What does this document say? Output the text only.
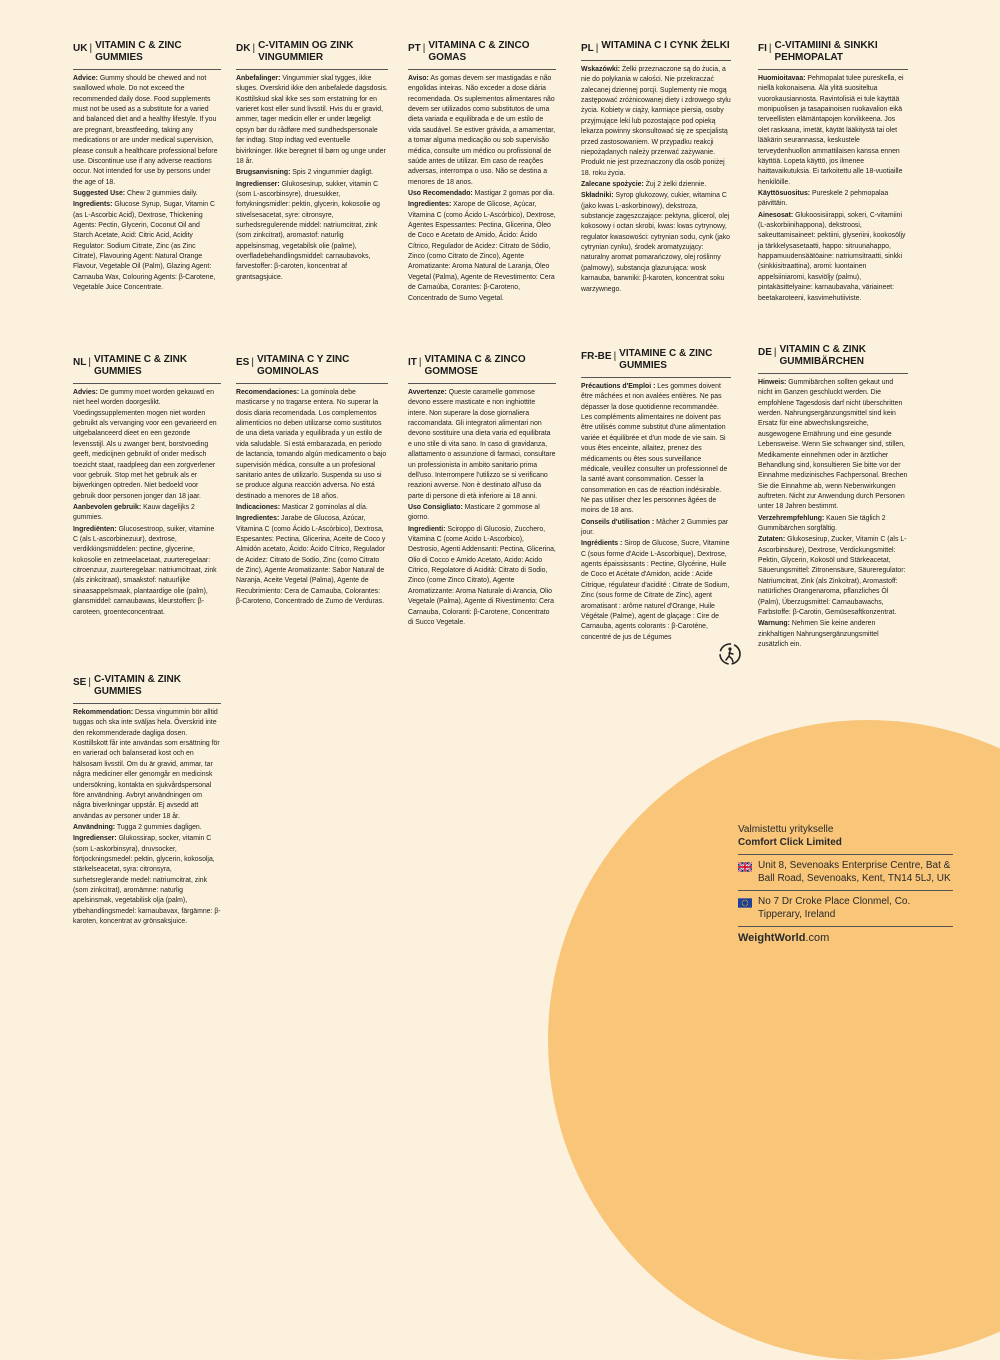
UK | VITAMIN C & ZINC GUMMIES

Advice: Gummy should be chewed and not swallowed whole. Do not exceed the recommended daily dose. Food supplements must not be used as a substitute for a varied and balanced diet and a healthy lifestyle. If you are pregnant, breastfeeding, taking any medications or are under medical supervision, please consult a healthcare professional before use. Discontinue use if any adverse reactions occur. Not intended for use by persons under the age of 18.

Suggested Use: Chew 2 gummies daily.

Ingredients: Glucose Syrup, Sugar, Vitamin C (as L-Ascorbic Acid), Dextrose, Thickening Agents: Pectin, Glycerin, Coconut Oil and Starch Acetate, Acid: Citric Acid, Acidity Regulator: Sodium Citrate, Zinc (as Zinc Citrate), Flavouring Agent: Natural Orange Flavour, Vegetable Oil (Palm), Glazing Agent: Carnauba Wax, Colouring Agents: β-Carotene, Vegetable Juice Concentrate.

DK | C-VITAMIN OG ZINK VINGUMMIER

Anbefalinger: Vingummier skal tygges, ikke sluges. Overskrid ikke den anbefalede dagsdosis. Kosttilskud skal ikke ses som erstatning for en varieret kost eller sund livsstil. Hvis du er gravid, ammer, tager medicin eller er under lægeligt opsyn bør du rådføre med sundhedspersonale før indtag. Stop indtag ved eventuelle bivirkninger. Ikke beregnet til børn og unge under 18 år.

Brugsanvisning: Spis 2 vingummier dagligt.

Ingredienser: Glukosesirup, sukker, vitamin C (som L-ascorbinsyre), druesukker, fortykningsmidler: pektin, glycerin, kokosolie og stivelsesacetat, syre: citronsyre, surhedsregulerende middel: natriumcitrat, zink (som zinkcitrat), aromastof: naturlig appelsinsmag, vegetabilsk olie (palme), overfladebehandlingsmiddel: carnaubavoks, farvestoffer: β-caroten, koncentrat af grøntsagsjuice.

PT | VITAMINA C & ZINCO GOMAS

Aviso: As gomas devem ser mastigadas e não engolidas inteiras. Não exceder a dose diária recomendada. Os suplementos alimentares não devem ser utilizados como substitutos de uma dieta variada e equilibrada e de um estilo de vida saudável. Se estiver grávida, a amamentar, a tomar alguma medicação ou sob supervisão médica, consulte um médico ou profissional de saúde antes de utilizar. Em caso de reações adversas, interrompa o uso. Não se destina a menores de 18 anos.

Uso Recomendado: Mastigar 2 gomas por dia.

Ingredientes: Xarope de Glicose, Açúcar, Vitamina C (como Ácido L-Ascórbico), Dextrose, Agentes Espessantes: Pectina, Glicerina, Óleo de Coco e Acetato de Amido, Ácido: Ácido Cítrico, Regulador de Acidez: Citrato de Sódio, Zinco (como Citrato de Zinco), Agente Aromatizante: Aroma Natural de Laranja, Óleo Vegetal (Palma), Agente de Revestimento: Cera de Carnaúba, Corantes: β-Caroteno, Concentrado de Sumo Vegetal.

PL | WITAMINA C I CYNK ŻELKI

Wskazówki: Żelki przeznaczone są do żucia, a nie do połykania w całości. Nie przekraczać zalecanej dziennej porcji. Suplementy nie mogą zastępować zróżnicowanej diety i zdrowego stylu życia. Kobiety w ciąży, karmiące piersią, osoby przyjmujące leki lub pozostające pod opieką lekarza powinny skonsultować się ze specjalistą przed zastosowaniem. W przypadku reakcji niepożądanych należy przerwać zażywanie. Produkt nie jest przeznaczony dla osób poniżej 18. roku życia.

Zalecane spożycie: Żuj 2 żelki dziennie.

Składniki: Syrop glukozowy, cukier, witamina C (jako kwas L-askorbinowy), dekstroza, substancje zagęszczające: pektyna, glicerol, olej kokosowy i octan skrobi, kwas: kwas cytrynowy, regulator kwasowości: cytrynian sodu, cynk (jako cytrynian cynku), środek aromatyzujący: naturalny aromat pomarańczowy, olej roślinny (palmowy), substancja glazurująca: wosk karnauba, barwniki: β-karoten, koncentrat soku warzywnego.

FI | C-VITAMIINI & SINKKI PEHMOPALAT

Huomioitavaa: Pehmopalat tulee pureskella, ei niellä kokonaisena. Älä ylitä suositeltua vuorokausiannosta. Ravintolisiä ei tule käyttää monipuolisen ja tasapainoisen ruokavalion eikä terveellisten elämäntapojen korvikkeena. Jos olet raskaana, imetät, käytät lääkitystä tai olet lääkärin seurannassa, keskustele terveydenhuollon ammattilaisen kanssa ennen käyttöä. Lopeta käyttö, jos ilmenee haittavaikutuksia. Ei tarkoitettu alle 18-vuotiaille henkilöille.

Käyttösuositus: Pureskele 2 pehmopalaa päivittäin.

Ainesosat: Glukoosisiirappi, sokeri, C-vitamiini (L-askorbiinihappona), dekstroosi, sakeuttamisaineet: pektiini, glyseriini, kookosöljy ja tärkkelysasetaatti, happo: sitruunahappo, happamuudensäätöaine: natriumsitraatti, sinkki (sinkkisitraattina), aromi: luontainen appelsiiniaromi, kasviöljy (palmu), pintakäsittelyaine: karnaubavaha, väriaineet: beetakaroteeni, kasvimehutiiviste.

NL | VITAMINE C & ZINK GUMMIES

Advies: De gummy moet worden gekauwd en niet heel worden doorgeslikt. Voedingssupplementen mogen niet worden gebruikt als vervanging voor een gevarieerd en uitgebalanceerd dieet en een gezonde levensstijl. Als u zwanger bent, borstvoeding geeft, medicijnen gebruikt of onder medisch toezicht staat, raadpleeg dan een zorgverlener voor gebruik. Stop met het gebruik als er bijwerkingen optreden. Niet bedoeld voor gebruik door personen jonger dan 18 jaar.

Aanbevolen gebruik: Kauw dagelijks 2 gummies.

Ingrediënten: Glucosestroop, suiker, vitamine C (als L-ascorbinezuur), dextrose, verdikkingsmiddelen: pectine, glycerine, kokosolie en zetmeelacetaat, zuurteregelaar: citroenzuur, zuurteregelaar: natriumcitraat, zink (als zinkcitraat), smaakstof: natuurlijke sinaasappelsmaak, plantaardige olie (palm), glansmiddel: carnaubawas, kleurstoffen: β-caroteen, groenteconcentraat.

ES | VITAMINA C Y ZINC GOMINOLAS

Recomendaciones: La gominola debe masticarse y no tragarse entera. No superar la dosis diaria recomendada. Los complementos alimenticios no deben utilizarse como sustitutos de una dieta variada y equilibrada y un estilo de vida saludable. Si está embarazada, en periodo de lactancia, tomando algún medicamento o bajo supervisión médica, consulte a un profesional sanitario antes de utilizarlo. Suspenda su uso si se produce alguna reacción adversa. No está destinado a menores de 18 años.

Indicaciones: Masticar 2 gominolas al día.

Ingredientes: Jarabe de Glucosa, Azúcar, Vitamina C (como Ácido L-Ascórbico), Dextrosa, Espesantes: Pectina, Glicerina, Aceite de Coco y Almidón acetato, Ácido: Ácido Cítrico, Regulador de Acidez: Citrato de Sodio, Zinc (como Citrato de Zinc), Agente Aromatizante: Sabor Natural de Naranja, Aceite Vegetal (Palma), Agente de Recubrimiento: Cera de Carnauba, Colorantes: β-Caroteno, Concentrado de Zumo de Verduras.

IT | VITAMINA C & ZINCO GOMMOSE

Avvertenze: Queste caramelle gommose devono essere masticate e non inghiottite intere. Non superare la dose giornaliera raccomandata. Gli integratori alimentari non devono sostituire una dieta varia ed equilibrata e uno stile di vita sano. In caso di gravidanza, allattamento o assunzione di farmaci, consultare un professionista in ambito sanitario prima dell'uso. Interrompere l'utilizzo se si verificano reazioni avverse. Non è destinato all'uso da parte di persone di età inferiore ai 18 anni.

Uso Consigliato: Masticare 2 gommose al giorno.

Ingredienti: Sciroppo di Glucosio, Zucchero, Vitamina C (come Acido L-Ascorbico), Destrosio, Agenti Addensanti: Pectina, Glicerina, Olio di Cocco e Amido Acetato, Acido: Acido Citrico, Regolatore di Acidità: Citrato di Sodio, Zinco (come Zinco Citrato), Agente Aromatizzante: Aroma Naturale di Arancia, Olio Vegetale (Palma), Agente di Rivestimento: Cera Carnauba, Coloranti: β-Carotene, Concentrato di Succo Vegetale.

FR-BE | VITAMINE C & ZINC GUMMIES

Précautions d'Emploi : Les gommes doivent être mâchées et non avalées entières. Ne pas dépasser la dose quotidienne recommandée. Les compléments alimentaires ne doivent pas être utilisés comme substitut d'une alimentation variée et équilibrée et d'un mode de vie sain. Si vous êtes enceinte, allaitez, prenez des médicaments ou êtes sous surveillance médicale, veuillez consulter un professionnel de la santé avant consommation. Cesser la consommation en cas de réaction indésirable. Ne pas utiliser chez les personnes âgées de moins de 18 ans.

Conseils d'utilisation : Mâcher 2 Gummies par jour.

Ingrédients : Sirop de Glucose, Sucre, Vitamine C (sous forme d'Acide L-Ascorbique), Dextrose, agents épaississants : Pectine, Glycérine, Huile de Coco et Acétate d'Amidon, acide : Acide Citrique, régulateur d'acidité : Citrate de Sodium, Zinc (sous forme de Citrate de Zinc), agent aromatisant : arôme naturel d'Orange, Huile Végétale (Palme), agent de glaçage : Cire de Carnauba, agents colorants : β-Carotène, concentré de jus de Légumes

DE | VITAMIN C & ZINK GUMMIBÄRCHEN

Hinweis: Gummibärchen sollten gekaut und nicht im Ganzen geschluckt werden. Die empfohlene Tagesdosis darf nicht überschritten werden. Nahrungsergänzungsmittel sind kein Ersatz für eine abwechslungsreiche, ausgewogene Ernährung und eine gesunde Lebensweise. Wenn Sie schwanger sind, stillen, Medikamente einnehmen oder in ärztlicher Behandlung sind, konsultieren Sie bitte vor der Einnahme medizinisches Fachpersonal. Brechen Sie die Einnahme ab, wenn Nebenwirkungen auftreten. Nicht zur Anwendung durch Personen unter 18 Jahren bestimmt.

Verzehrempfehlung: Kauen Sie täglich 2 Gummibärchen sorgfältig.

Zutaten: Glukosesirup, Zucker, Vitamin C (als L-Ascorbinsäure), Dextrose, Verdickungsmittel: Pektin, Glycerin, Kokosöl und Stärkeacetat, Säuerungsmittel: Zitronensäure, Säureregulator: Natriumcitrat, Zink (als Zinkcitrat), Aromastoff: natürliches Orangenaroma, pflanzliches Öl (Palm), Überzugsmittel: Carnaubawachs, Farbstoffe: β-Carotin, Gemüsesaftkonzentrat.

Warnung: Nehmen Sie keine anderen zinkhaltigen Nahrungsergänzungsmittel zusätzlich ein.

SE | C-VITAMIN & ZINK GUMMIES

Rekommendation: Dessa vingummin bör alltid tuggas och ska inte sväljas hela. Överskrid inte den rekommenderade dagliga dosen. Kosttillskott får inte användas som ersättning för en varierad och balanserad kost och en hälsosam livsstil. Om du är gravid, ammar, tar några mediciner eller genomgår en medicinsk undersökning, kontakta en sjukvårdspersonal före användning. Avbryt användningen om några biverkningar uppstår. Ej avsedd att användas av personer under 18 år.

Användning: Tugga 2 gummies dagligen.

Ingredienser: Glukossirap, socker, vitamin C (som L-askorbinsyra), druvsocker, förtjockningsmedel: pektin, glycerin, kokosolja, stärkelseacetat, syra: citronsyra, surhetsreglerande medel: natriumcitrat, zink (som zinkcitrat), aromämne: naturlig apelsinsmak, vegetabilisk olja (palm), ytbehandlingsmedel: karnaubavax, färgämne: β-karoten, koncentrat av grönsaksjuice.

Valmistettu yritykselle
Comfort Click Limited
Unit 8, Sevenoaks Enterprise Centre, Bat & Ball Road, Sevenoaks, Kent, TN14 5LJ, UK
No 7 Dr Croke Place Clonmel, Co. Tipperary, Ireland
WeightWorld.com
